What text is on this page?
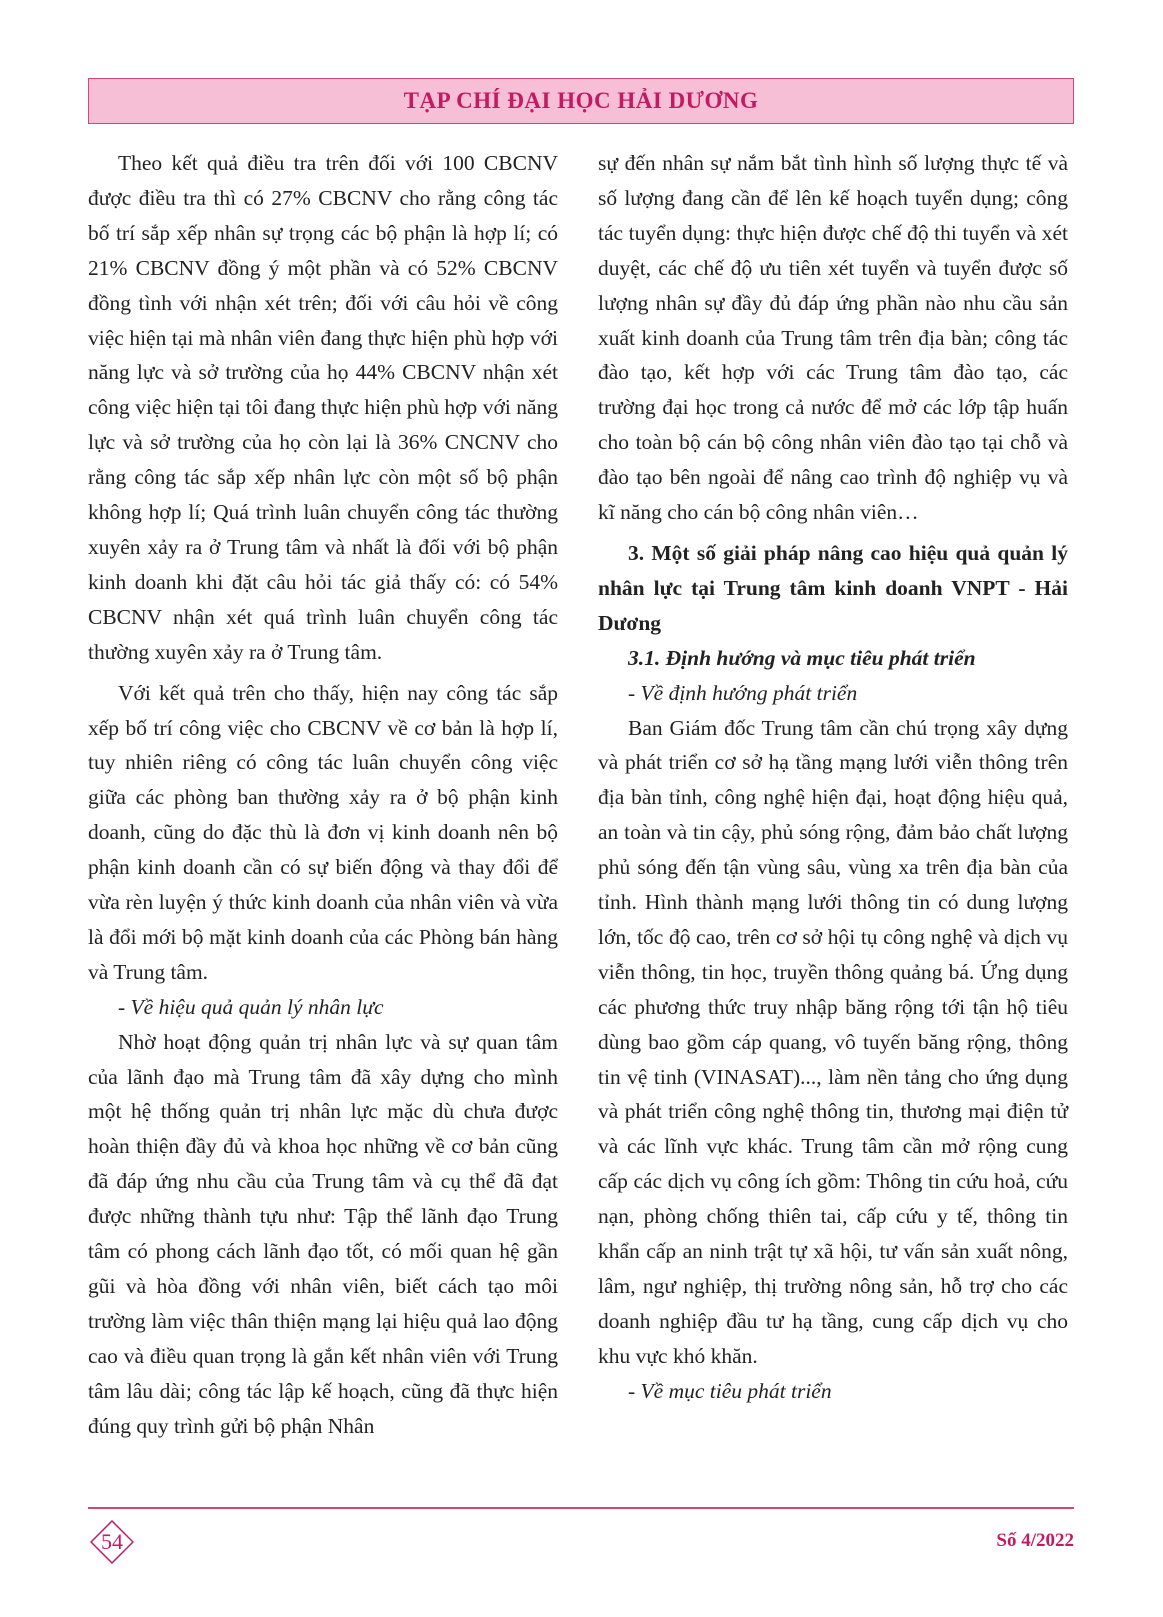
TẠP CHÍ ĐẠI HỌC HẢI DƯƠNG

Theo kết quả điều tra trên đối với 100 CBCNV được điều tra thì có 27% CBCNV cho rằng công tác bố trí sắp xếp nhân sự trọng các bộ phận là hợp lí; có 21% CBCNV đồng ý một phần và có 52% CBCNV đồng tình với nhận xét trên; đối với câu hỏi về công việc hiện tại mà nhân viên đang thực hiện phù hợp với năng lực và sở trường của họ 44% CBCNV nhận xét công việc hiện tại tôi đang thực hiện phù hợp với năng lực và sở trường của họ còn lại là 36% CNCNV cho rằng công tác sắp xếp nhân lực còn một số bộ phận không hợp lí; Quá trình luân chuyển công tác thường xuyên xảy ra ở Trung tâm và nhất là đối với bộ phận kinh doanh khi đặt câu hỏi tác giả thấy có: có 54% CBCNV nhận xét quá trình luân chuyển công tác thường xuyên xảy ra ở Trung tâm.

Với kết quả trên cho thấy, hiện nay công tác sắp xếp bố trí công việc cho CBCNV về cơ bản là hợp lí, tuy nhiên riêng có công tác luân chuyển công việc giữa các phòng ban thường xảy ra ở bộ phận kinh doanh, cũng do đặc thù là đơn vị kinh doanh nên bộ phận kinh doanh cần có sự biến động và thay đổi để vừa rèn luyện ý thức kinh doanh của nhân viên và vừa là đổi mới bộ mặt kinh doanh của các Phòng bán hàng và Trung tâm.

- Về hiệu quả quản lý nhân lực

Nhờ hoạt động quản trị nhân lực và sự quan tâm của lãnh đạo mà Trung tâm đã xây dựng cho mình một hệ thống quản trị nhân lực mặc dù chưa được hoàn thiện đầy đủ và khoa học những về cơ bản cũng đã đáp ứng nhu cầu của Trung tâm và cụ thể đã đạt được những thành tựu như: Tập thể lãnh đạo Trung tâm có phong cách lãnh đạo tốt, có mối quan hệ gần gũi và hòa đồng với nhân viên, biết cách tạo môi trường làm việc thân thiện mạng lại hiệu quả lao động cao và điều quan trọng là gắn kết nhân viên với Trung tâm lâu dài; công tác lập kế hoạch, cũng đã thực hiện đúng quy trình gửi bộ phận Nhân

sự đến nhân sự nắm bắt tình hình số lượng thực tế và số lượng đang cần để lên kế hoạch tuyển dụng; công tác tuyển dụng: thực hiện được chế độ thi tuyển và xét duyệt, các chế độ ưu tiên xét tuyển và tuyển được số lượng nhân sự đầy đủ đáp ứng phần nào nhu cầu sản xuất kinh doanh của Trung tâm trên địa bàn; công tác đào tạo, kết hợp với các Trung tâm đào tạo, các trường đại học trong cả nước để mở các lớp tập huấn cho toàn bộ cán bộ công nhân viên đào tạo tại chỗ và đào tạo bên ngoài để nâng cao trình độ nghiệp vụ và kĩ năng cho cán bộ công nhân viên…

3. Một số giải pháp nâng cao hiệu quả quản lý nhân lực tại Trung tâm kinh doanh VNPT - Hải Dương

3.1. Định hướng và mục tiêu phát triển

- Về định hướng phát triển

Ban Giám đốc Trung tâm cần chú trọng xây dựng và phát triển cơ sở hạ tầng mạng lưới viễn thông trên địa bàn tỉnh, công nghệ hiện đại, hoạt động hiệu quả, an toàn và tin cậy, phủ sóng rộng, đảm bảo chất lượng phủ sóng đến tận vùng sâu, vùng xa trên địa bàn của tỉnh. Hình thành mạng lưới thông tin có dung lượng lớn, tốc độ cao, trên cơ sở hội tụ công nghệ và dịch vụ viễn thông, tin học, truyền thông quảng bá. Ứng dụng các phương thức truy nhập băng rộng tới tận hộ tiêu dùng bao gồm cáp quang, vô tuyến băng rộng, thông tin vệ tinh (VINASAT)..., làm nền tảng cho ứng dụng và phát triển công nghệ thông tin, thương mại điện tử và các lĩnh vực khác. Trung tâm cần mở rộng cung cấp các dịch vụ công ích gồm: Thông tin cứu hoả, cứu nạn, phòng chống thiên tai, cấp cứu y tế, thông tin khẩn cấp an ninh trật tự xã hội, tư vấn sản xuất nông, lâm, ngư nghiệp, thị trường nông sản, hỗ trợ cho các doanh nghiệp đầu tư hạ tầng, cung cấp dịch vụ cho khu vực khó khăn.

- Về mục tiêu phát triển

54	Số 4/2022
